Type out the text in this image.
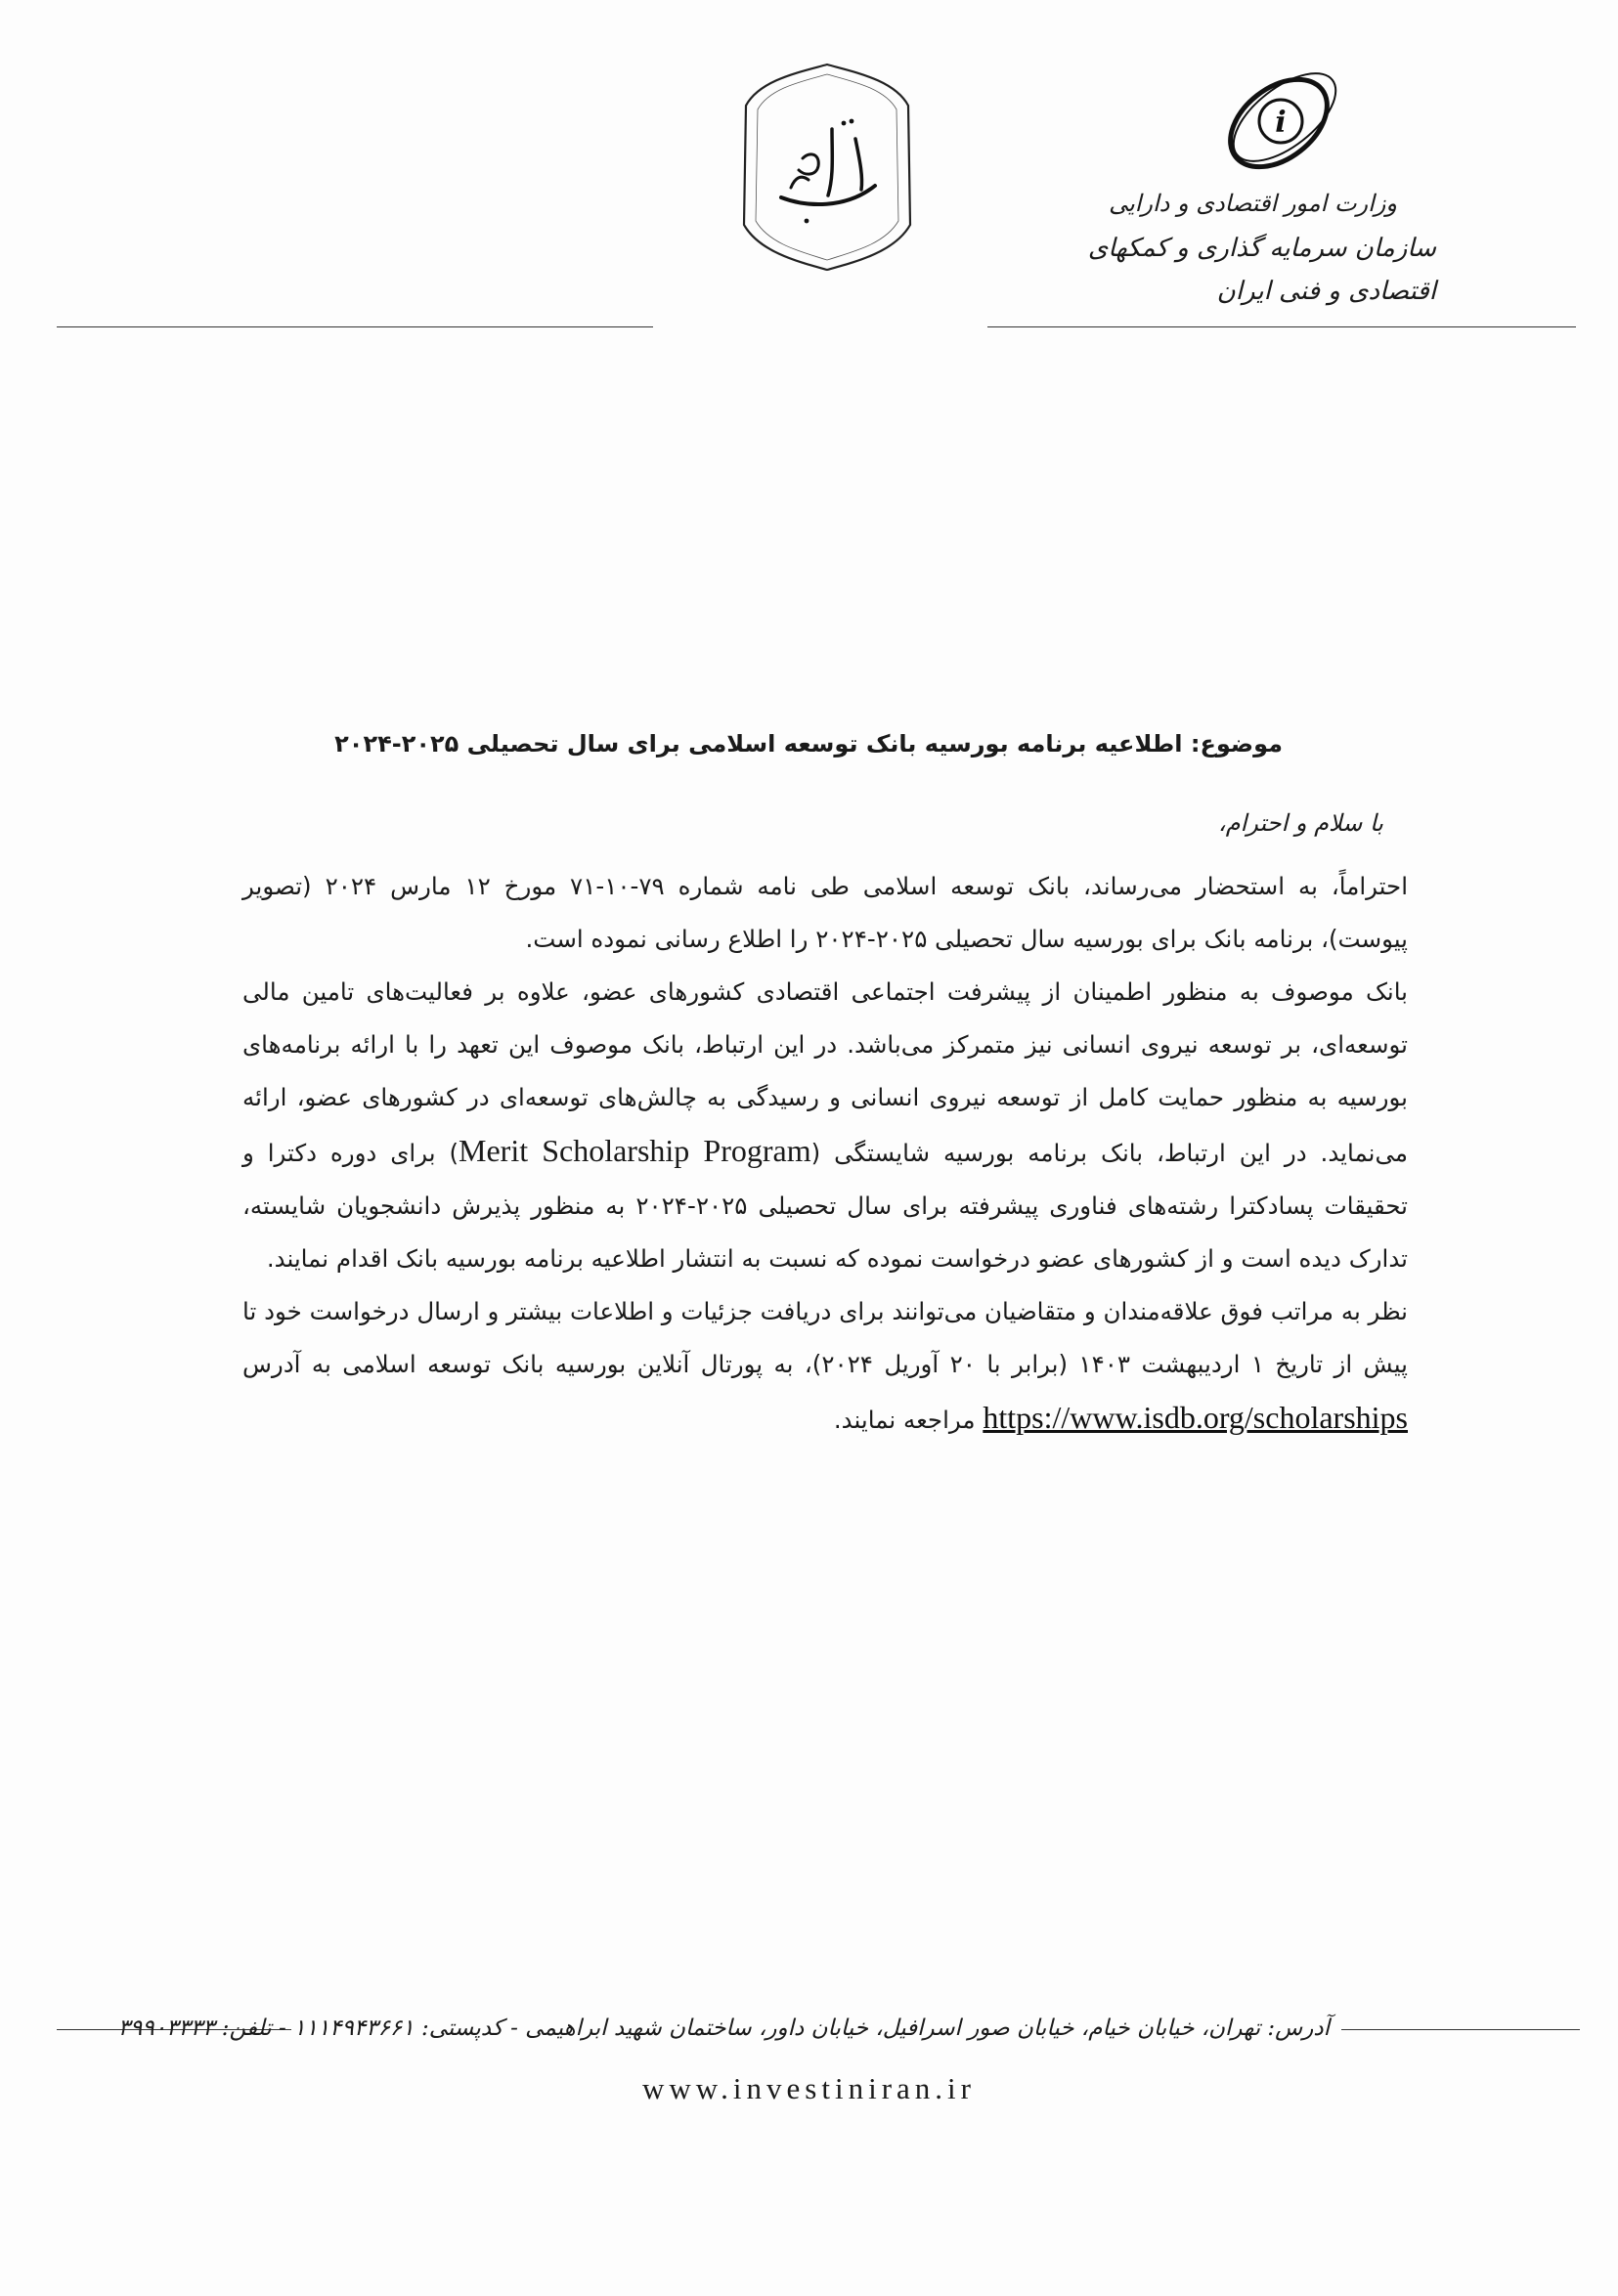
باسمه تعالی
i
وزارت امور اقتصادی و دارایی
سازمان سرمایه گذاری و کمکهای اقتصادی و فنی ایران
موضوع: اطلاعیه برنامه بورسیه بانک توسعه اسلامی برای سال تحصیلی ۲۰۲۵-۲۰۲۴
با سلام و احترام،

احتراماً، به استحضار می‌رساند، بانک توسعه اسلامی طی نامه شماره ۷۹-۱۰-۷۱ مورخ ۱۲ مارس ۲۰۲۴ (تصویر پیوست)، برنامه بانک برای بورسیه سال تحصیلی ۲۰۲۵-۲۰۲۴ را اطلاع رسانی نموده است.

بانک موصوف به منظور اطمینان از پیشرفت اجتماعی اقتصادی کشورهای عضو، علاوه بر فعالیت‌های تامین مالی توسعه‌ای، بر توسعه نیروی انسانی نیز متمرکز می‌باشد. در این ارتباط، بانک موصوف این تعهد را با ارائه برنامه‌های بورسیه به منظور حمایت کامل از توسعه نیروی انسانی و رسیدگی به چالش‌های توسعه‌ای در کشورهای عضو، ارائه می‌نماید. در این ارتباط، بانک برنامه بورسیه شایستگی (Merit Scholarship Program) برای دوره دکترا و تحقیقات پسادکترا رشته‌های فناوری پیشرفته برای سال تحصیلی ۲۰۲۵-۲۰۲۴ به منظور پذیرش دانشجویان شایسته، تدارک دیده است و از کشورهای عضو درخواست نموده که نسبت به انتشار اطلاعیه برنامه بورسیه بانک اقدام نمایند.

نظر به مراتب فوق علاقه‌مندان و متقاضیان می‌توانند برای دریافت جزئیات و اطلاعات بیشتر و ارسال درخواست خود تا پیش از تاریخ ۱ اردیبهشت ۱۴۰۳ (برابر با ۲۰ آوریل ۲۰۲۴)، به پورتال آنلاین بورسیه بانک توسعه اسلامی به آدرس https://www.isdb.org/scholarships مراجعه نمایند.

آدرس: تهران، خیابان خیام، خیابان صور اسرافیل، خیابان داور، ساختمان شهید ابراهیمی - کدپستی: ۱۱۱۴۹۴۳۶۶۱ - تلفن: ۳۹۹۰۳۳۳۳
www.investiniran.ir
